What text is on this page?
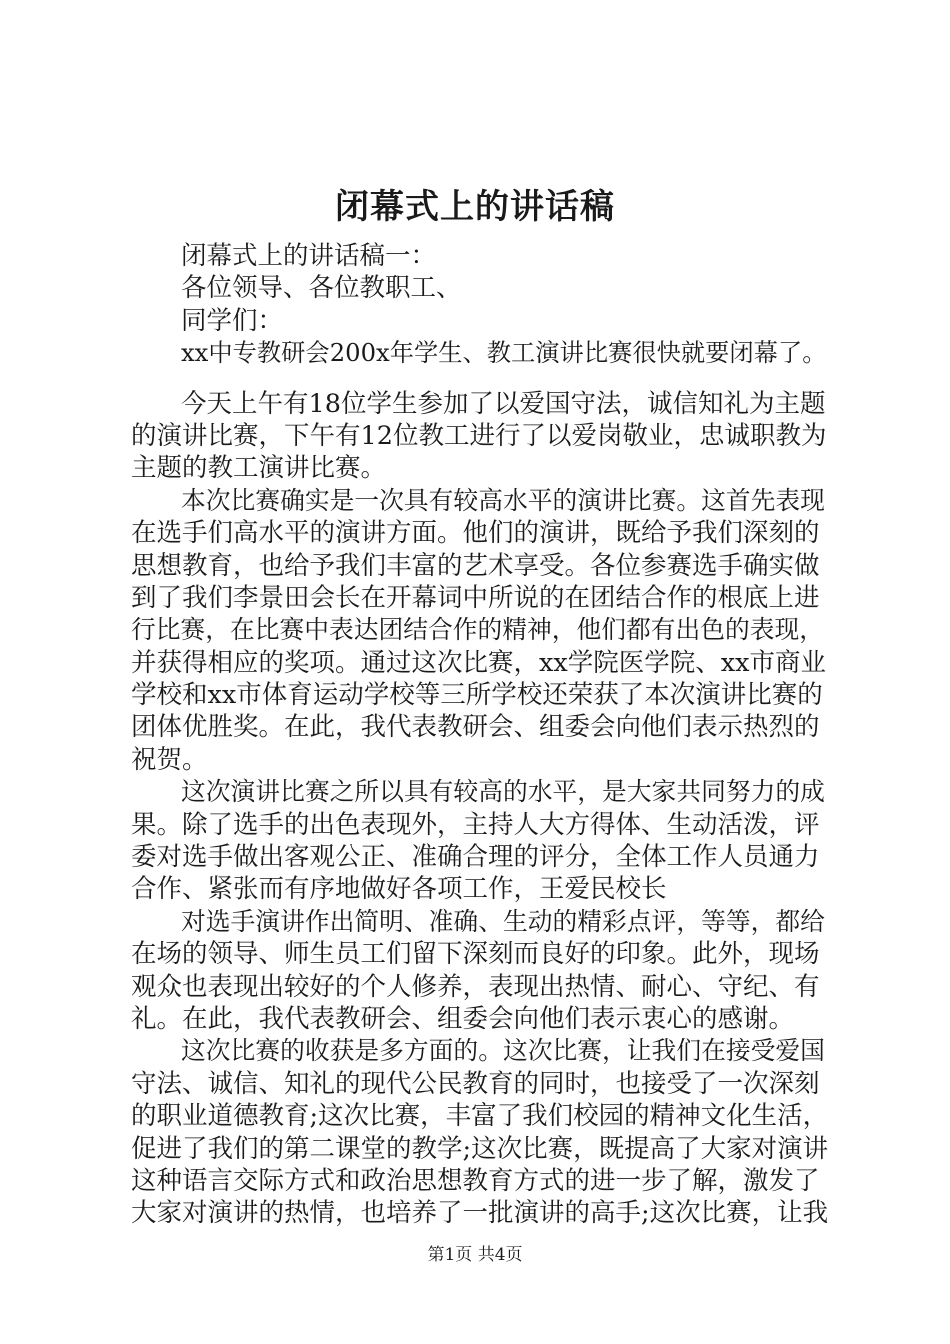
闭幕式上的讲话稿
闭幕式上的讲话稿一：
各位领导、各位教职工、
同学们：
xx中专教研会200x年学生、教工演讲比赛很快就要闭幕了。
今天上午有18位学生参加了以爱国守法，诚信知礼为主题
的演讲比赛，下午有12位教工进行了以爱岗敬业，忠诚职教为
主题的教工演讲比赛。
本次比赛确实是一次具有较高水平的演讲比赛。这首先表现
在选手们高水平的演讲方面。他们的演讲，既给予我们深刻的
思想教育，也给予我们丰富的艺术享受。各位参赛选手确实做
到了我们李景田会长在开幕词中所说的在团结合作的根底上进
行比赛，在比赛中表达团结合作的精神，他们都有出色的表现，
并获得相应的奖项。通过这次比赛，xx学院医学院、xx市商业
学校和xx市体育运动学校等三所学校还荣获了本次演讲比赛的
团体优胜奖。在此，我代表教研会、组委会向他们表示热烈的
祝贺。
这次演讲比赛之所以具有较高的水平，是大家共同努力的成
果。除了选手的出色表现外，主持人大方得体、生动活泼，评
委对选手做出客观公正、准确合理的评分，全体工作人员通力
合作、紧张而有序地做好各项工作，王爱民校长
对选手演讲作出简明、准确、生动的精彩点评，等等，都给
在场的领导、师生员工们留下深刻而良好的印象。此外，现场
观众也表现出较好的个人修养，表现出热情、耐心、守纪、有
礼。在此，我代表教研会、组委会向他们表示衷心的感谢。
这次比赛的收获是多方面的。这次比赛，让我们在接受爱国
守法、诚信、知礼的现代公民教育的同时，也接受了一次深刻
的职业道德教育;这次比赛，丰富了我们校园的精神文化生活，
促进了我们的第二课堂的教学;这次比赛，既提高了大家对演讲
这种语言交际方式和政治思想教育方式的进一步了解，激发了
大家对演讲的热情，也培养了一批演讲的高手;这次比赛，让我
第1页 共4页
